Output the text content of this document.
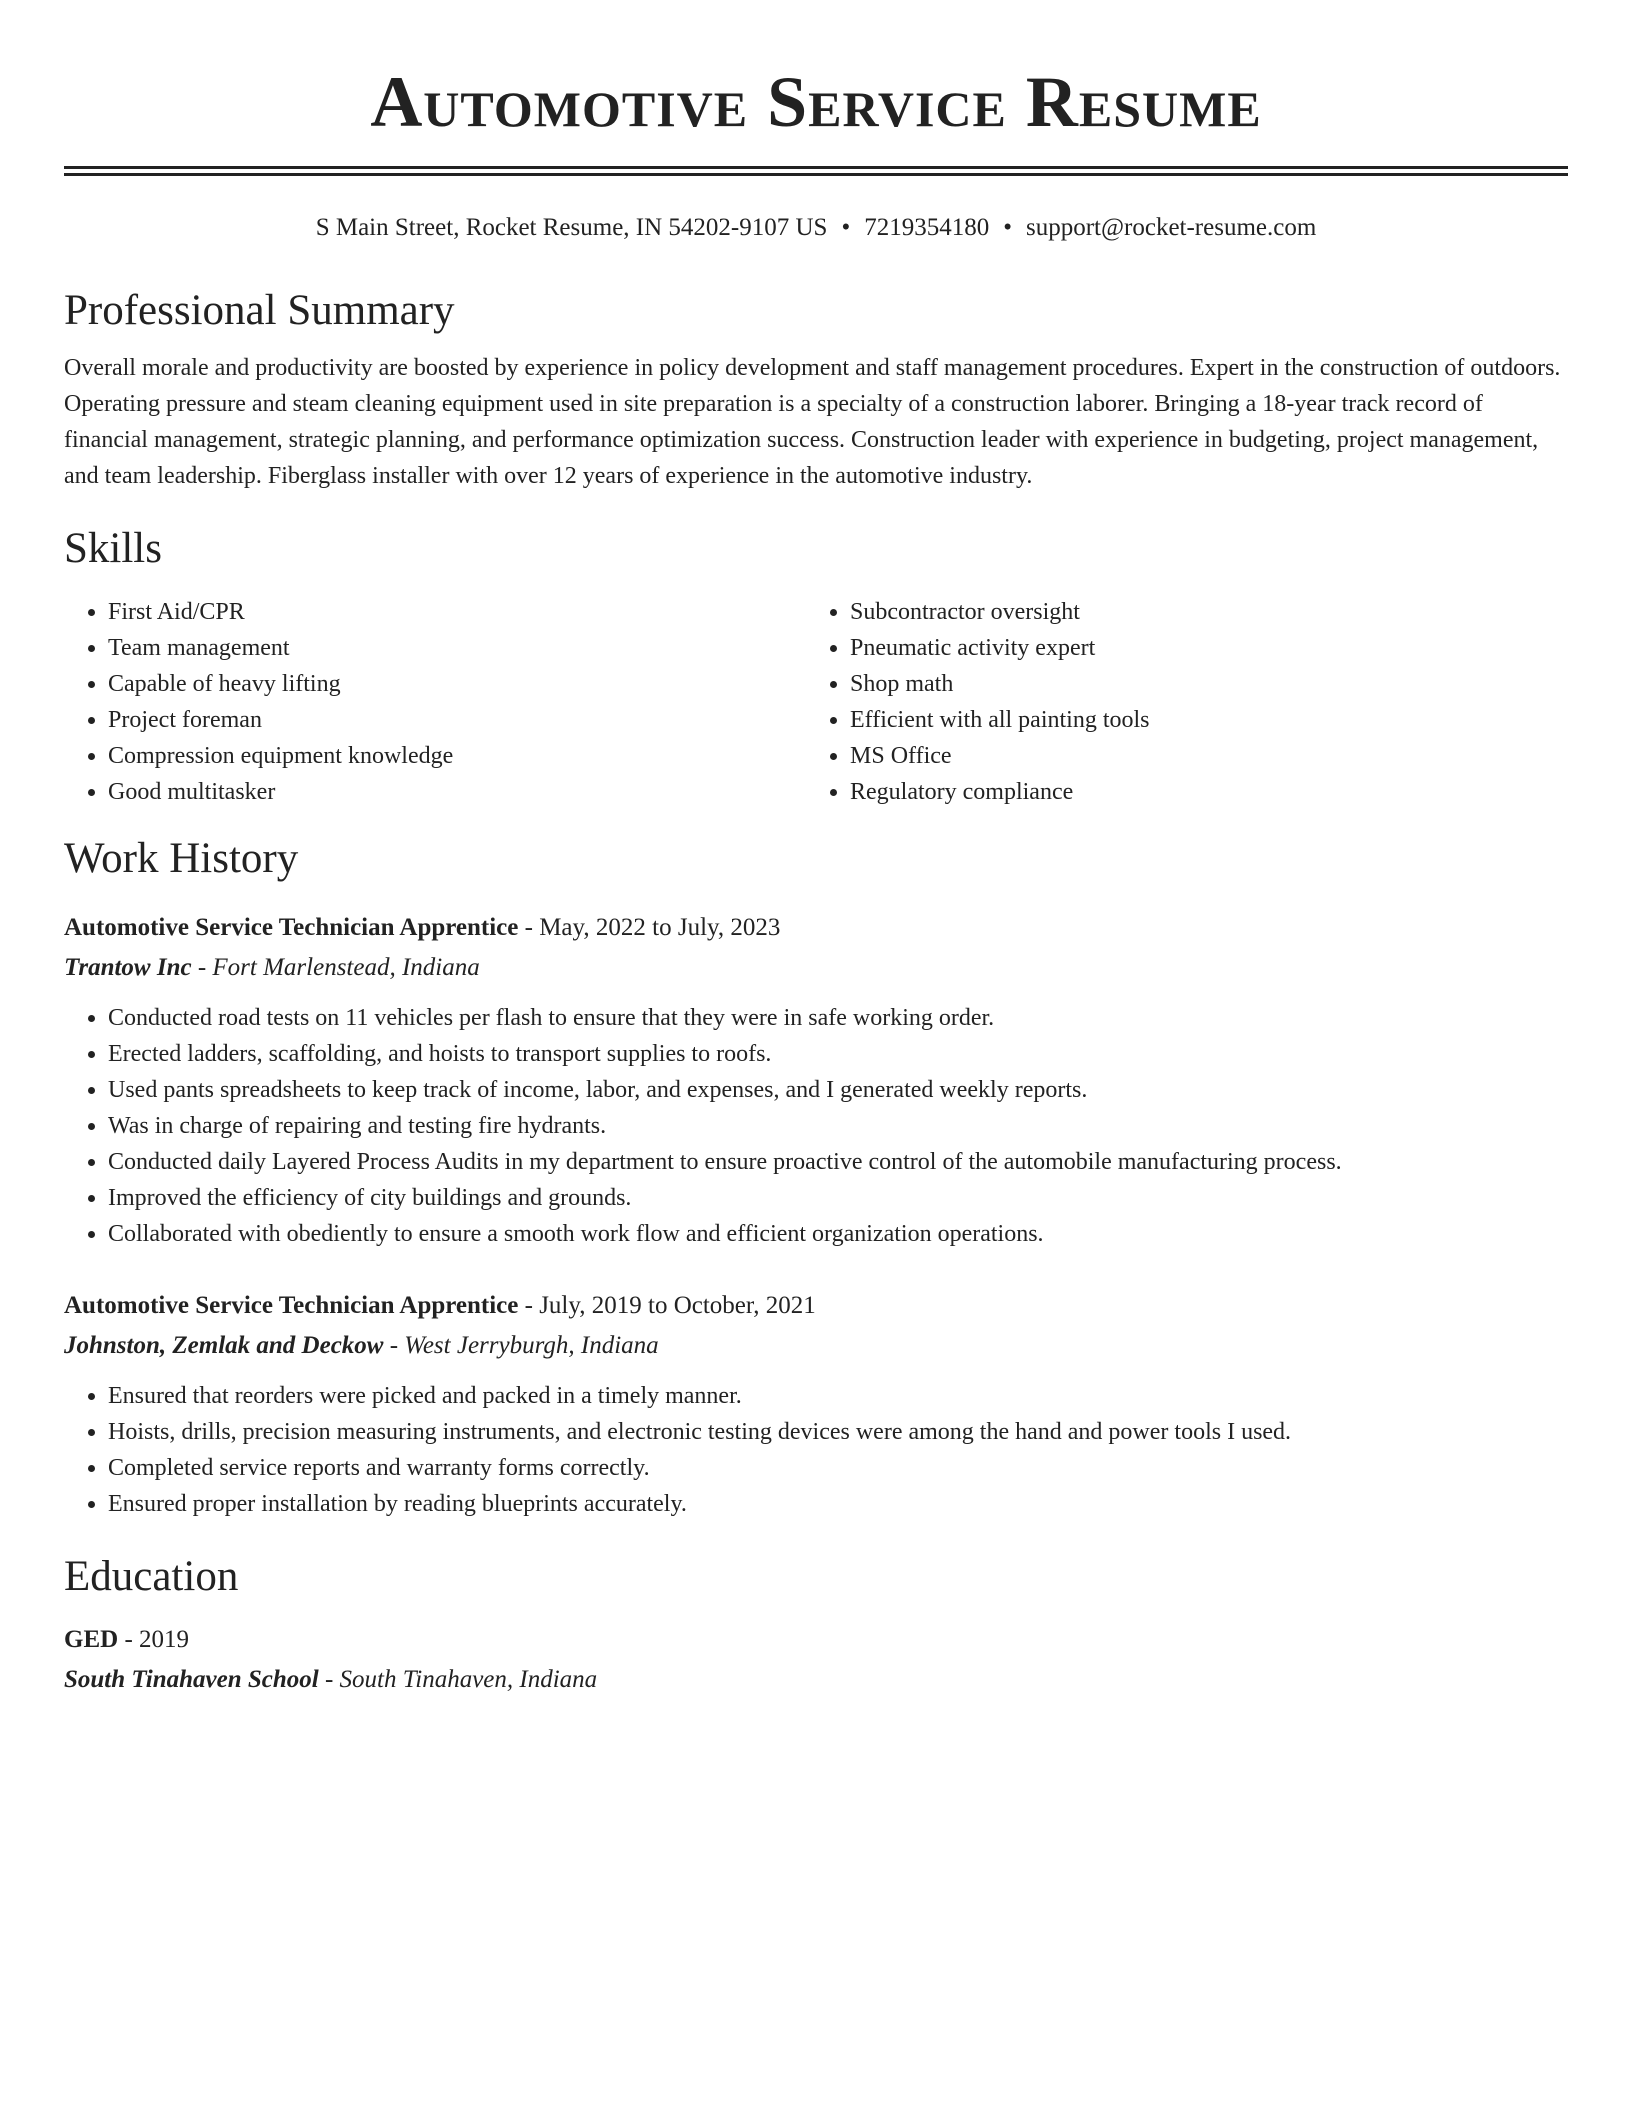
Automotive Service Resume
S Main Street, Rocket Resume, IN 54202-9107 US • 7219354180 • support@rocket-resume.com
Professional Summary
Overall morale and productivity are boosted by experience in policy development and staff management procedures. Expert in the construction of outdoors. Operating pressure and steam cleaning equipment used in site preparation is a specialty of a construction laborer. Bringing a 18-year track record of financial management, strategic planning, and performance optimization success. Construction leader with experience in budgeting, project management, and team leadership. Fiberglass installer with over 12 years of experience in the automotive industry.
Skills
• First Aid/CPR
• Team management
• Capable of heavy lifting
• Project foreman
• Compression equipment knowledge
• Good multitasker
• Subcontractor oversight
• Pneumatic activity expert
• Shop math
• Efficient with all painting tools
• MS Office
• Regulatory compliance
Work History
Automotive Service Technician Apprentice - May, 2022 to July, 2023
Trantow Inc - Fort Marlenstead, Indiana
• Conducted road tests on 11 vehicles per flash to ensure that they were in safe working order.
• Erected ladders, scaffolding, and hoists to transport supplies to roofs.
• Used pants spreadsheets to keep track of income, labor, and expenses, and I generated weekly reports.
• Was in charge of repairing and testing fire hydrants.
• Conducted daily Layered Process Audits in my department to ensure proactive control of the automobile manufacturing process.
• Improved the efficiency of city buildings and grounds.
• Collaborated with obediently to ensure a smooth work flow and efficient organization operations.
Automotive Service Technician Apprentice - July, 2019 to October, 2021
Johnston, Zemlak and Deckow - West Jerryburgh, Indiana
• Ensured that reorders were picked and packed in a timely manner.
• Hoists, drills, precision measuring instruments, and electronic testing devices were among the hand and power tools I used.
• Completed service reports and warranty forms correctly.
• Ensured proper installation by reading blueprints accurately.
Education
GED - 2019
South Tinahaven School - South Tinahaven, Indiana
